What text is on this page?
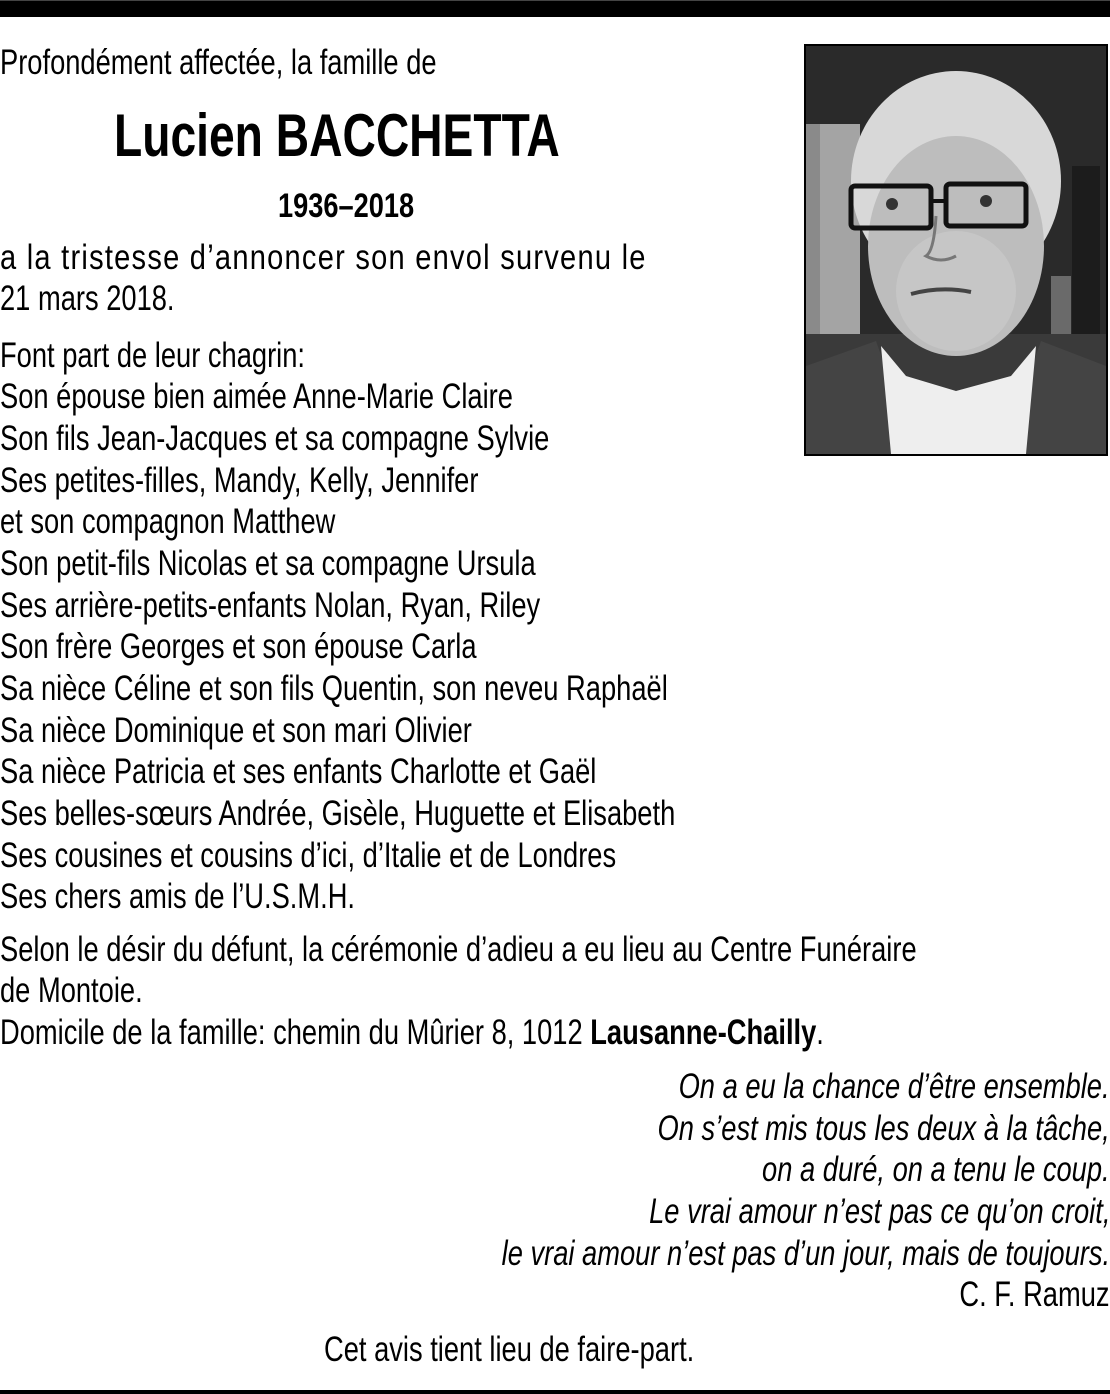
Profondément affectée, la famille de
Lucien BACCHETTA
1936–2018
a la tristesse d’annoncer son envol survenu le
21 mars 2018.
Font part de leur chagrin:
Son épouse bien aimée Anne-Marie Claire
Son fils Jean-Jacques et sa compagne Sylvie
Ses petites-filles, Mandy, Kelly, Jennifer
et son compagnon Matthew
Son petit-fils Nicolas et sa compagne Ursula
Ses arrière-petits-enfants Nolan, Ryan, Riley
Son frère Georges et son épouse Carla
Sa nièce Céline et son fils Quentin, son neveu Raphaël
Sa nièce Dominique et son mari Olivier
Sa nièce Patricia et ses enfants Charlotte et Gaël
Ses belles-sœurs Andrée, Gisèle, Huguette et Elisabeth
Ses cousines et cousins d’ici, d’Italie et de Londres
Ses chers amis de l’U.S.M.H.
Selon le désir du défunt, la cérémonie d’adieu a eu lieu au Centre Funéraire
de Montoie.
Domicile de la famille: chemin du Mûrier 8, 1012 Lausanne-Chailly.
On a eu la chance d’être ensemble.
On s’est mis tous les deux à la tâche,
on a duré, on a tenu le coup.
Le vrai amour n’est pas ce qu’on croit,
le vrai amour n’est pas d’un jour, mais de toujours.
C. F. Ramuz
Cet avis tient lieu de faire-part.
